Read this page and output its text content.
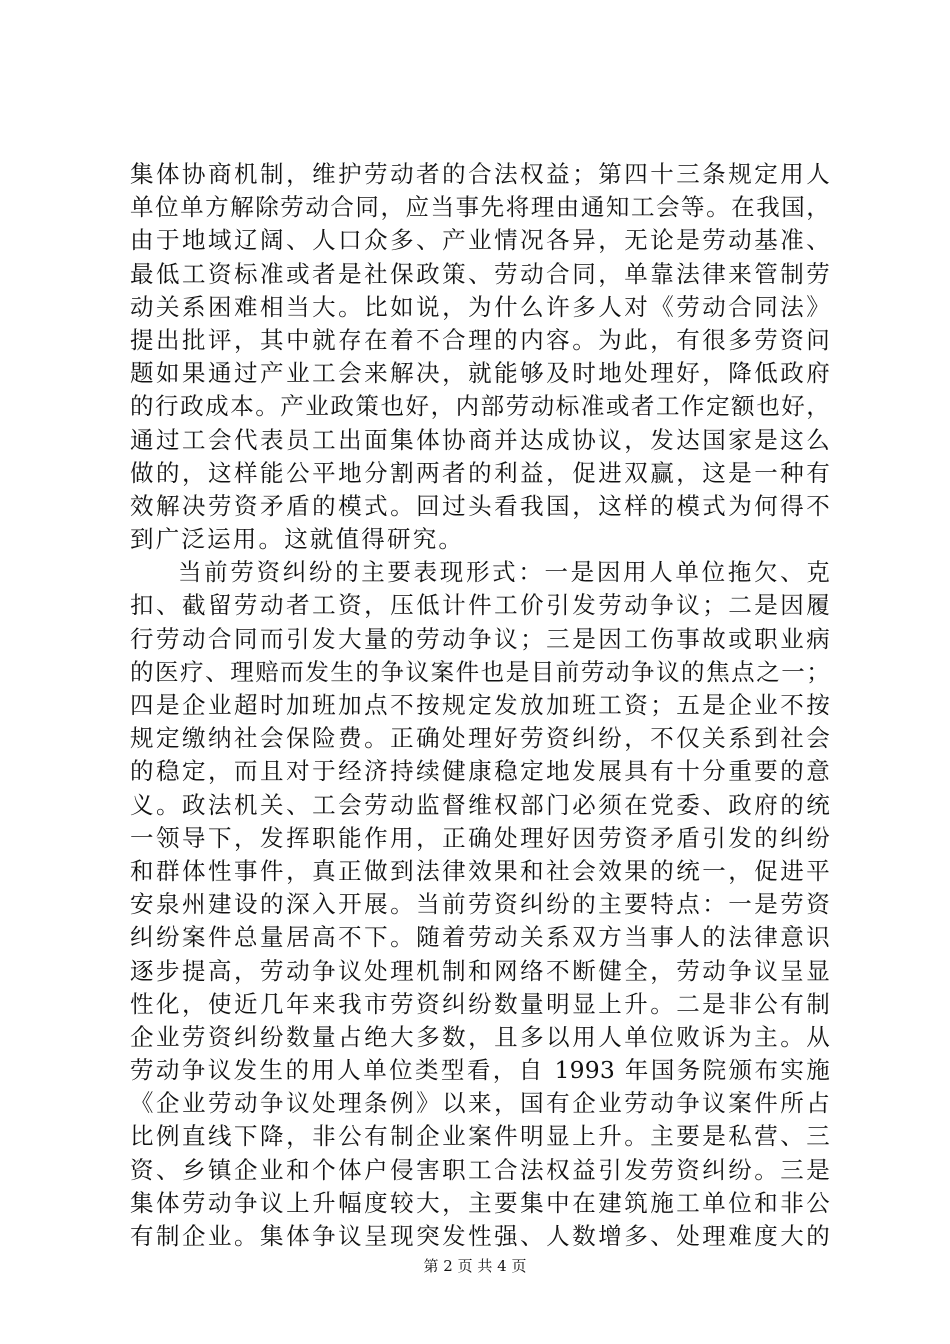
集体协商机制，维护劳动者的合法权益；第四十三条规定用人
单位单方解除劳动合同，应当事先将理由通知工会等。在我国，
由于地域辽阔、人口众多、产业情况各异，无论是劳动基准、
最低工资标准或者是社保政策、劳动合同，单靠法律来管制劳
动关系困难相当大。比如说，为什么许多人对《劳动合同法》
提出批评，其中就存在着不合理的内容。为此，有很多劳资问
题如果通过产业工会来解决，就能够及时地处理好，降低政府
的行政成本。产业政策也好，内部劳动标准或者工作定额也好，
通过工会代表员工出面集体协商并达成协议，发达国家是这么
做的，这样能公平地分割两者的利益，促进双赢，这是一种有
效解决劳资矛盾的模式。回过头看我国，这样的模式为何得不
到广泛运用。这就值得研究。
当前劳资纠纷的主要表现形式：一是因用人单位拖欠、克
扣、截留劳动者工资，压低计件工价引发劳动争议；二是因履
行劳动合同而引发大量的劳动争议；三是因工伤事故或职业病
的医疗、理赔而发生的争议案件也是目前劳动争议的焦点之一；
四是企业超时加班加点不按规定发放加班工资；五是企业不按
规定缴纳社会保险费。正确处理好劳资纠纷，不仅关系到社会
的稳定，而且对于经济持续健康稳定地发展具有十分重要的意
义。政法机关、工会劳动监督维权部门必须在党委、政府的统
一领导下，发挥职能作用，正确处理好因劳资矛盾引发的纠纷
和群体性事件，真正做到法律效果和社会效果的统一，促进平
安泉州建设的深入开展。当前劳资纠纷的主要特点：一是劳资
纠纷案件总量居高不下。随着劳动关系双方当事人的法律意识
逐步提高，劳动争议处理机制和网络不断健全，劳动争议呈显
性化，使近几年来我市劳资纠纷数量明显上升。二是非公有制
企业劳资纠纷数量占绝大多数，且多以用人单位败诉为主。从
劳动争议发生的用人单位类型看，自 1993 年国务院颁布实施
《企业劳动争议处理条例》以来，国有企业劳动争议案件所占
比例直线下降，非公有制企业案件明显上升。主要是私营、三
资、乡镇企业和个体户侵害职工合法权益引发劳资纠纷。三是
集体劳动争议上升幅度较大，主要集中在建筑施工单位和非公
有制企业。集体争议呈现突发性强、人数增多、处理难度大的
第 2 页 共 4 页
